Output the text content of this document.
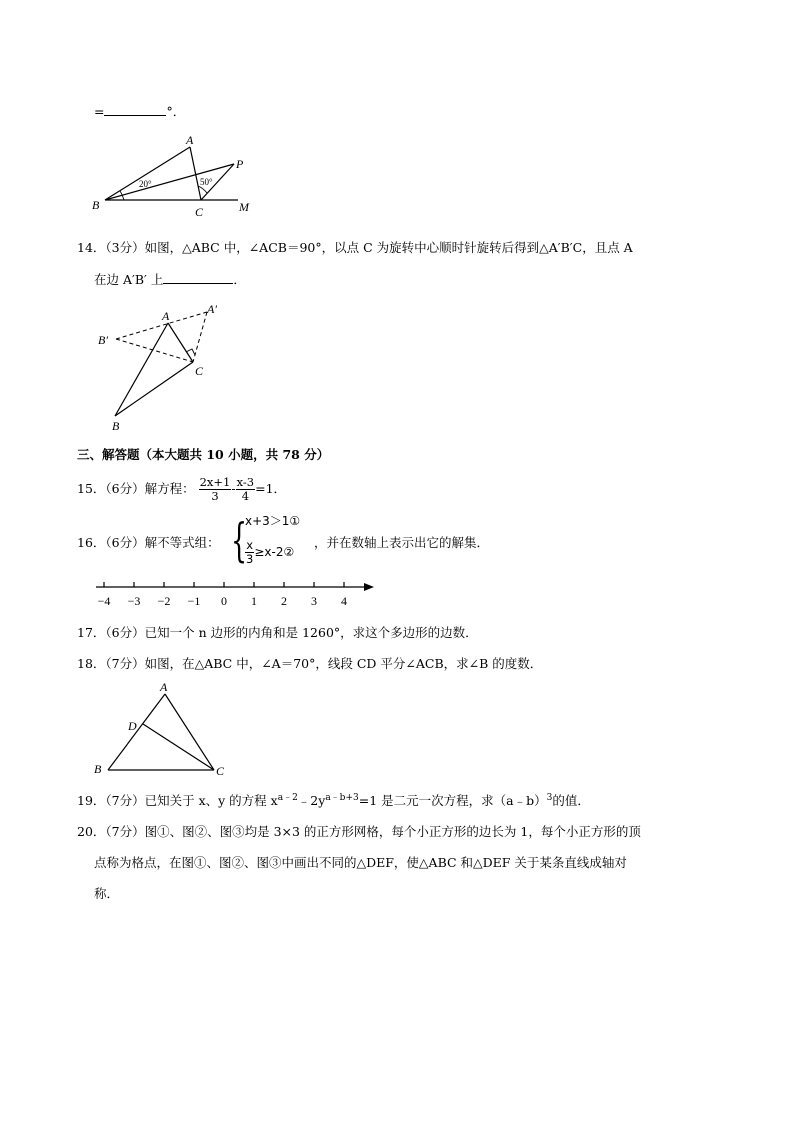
=	°．
A
P
B	C	M
20°	50°
14．（3分）如图，△ABC 中，∠ACB＝90°，以点 C 为旋转中心顺时针旋转后得到△A′B′C，且点 A
在边 A′B′ 上	．
A	A′
B′
C
B
三、解答题（本大题共 10 小题，共 78 分）
15．（6分）解方程： $\frac{2x+1}{3} - \frac{x-3}{4} =1$．
16．（6分）解不等式组： {
x+3＞1①
$\frac{x}{3}$ ≥x-2②
，并在数轴上表示出它的解集．
−4 −3 −2 −1 0 1 2 3 4
17．（6分）已知一个 n 边形的内角和是 1260°，求这个多边形的边数．
18．（7分）如图，在△ABC 中，∠A＝70°，线段 CD 平分∠ACB，求∠B 的度数．
A
D
B	C
19．（7分）已知关于 x、y 的方程 $x^{a﹣2}﹣2y^{a﹣b+3}=1$ 是二元一次方程，求（a﹣b）$^3$的值．
20．（7分）图①、图②、图③均是 3×3 的正方形网格，每个小正方形的边长为 1，每个小正方形的顶
点称为格点，在图①、图②、图③中画出不同的△DEF，使△ABC 和△DEF 关于某条直线成轴对
称．
